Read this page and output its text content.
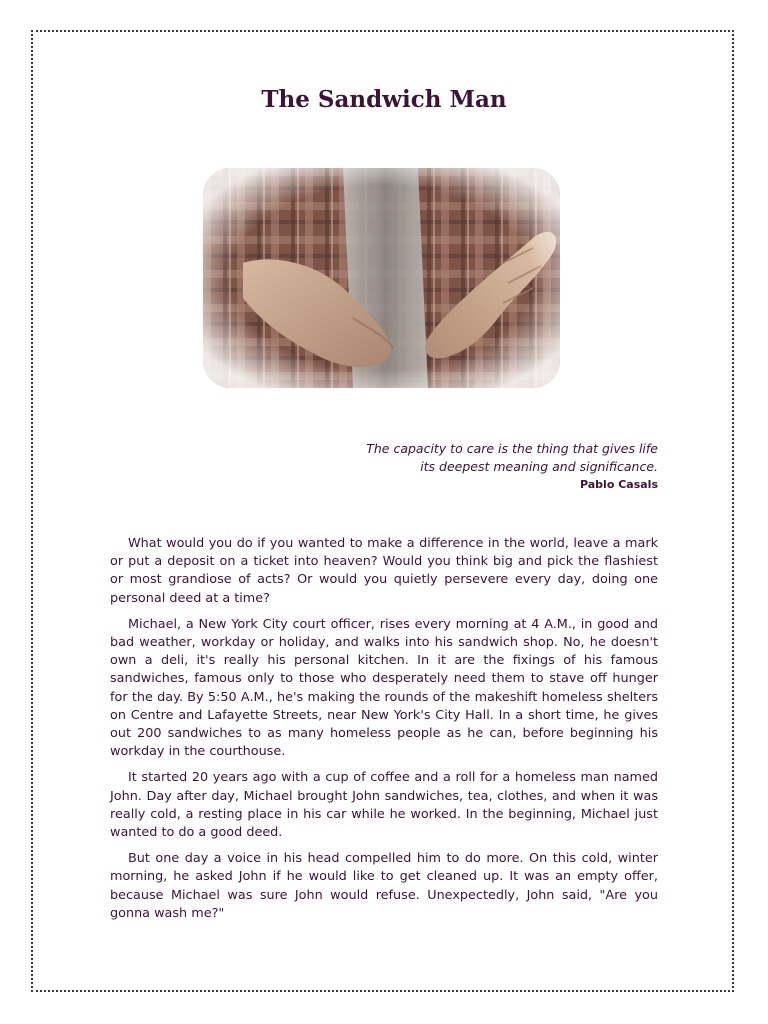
The Sandwich Man
The capacity to care is the thing that gives life
its deepest meaning and significance.
Pablo Casals

What would you do if you wanted to make a difference in the world, leave a mark or put a deposit on a ticket into heaven? Would you think big and pick the flashiest or most grandiose of acts? Or would you quietly persevere every day, doing one personal deed at a time?

Michael, a New York City court officer, rises every morning at 4 A.M., in good and bad weather, workday or holiday, and walks into his sandwich shop. No, he doesn't own a deli, it's really his personal kitchen. In it are the fixings of his famous sandwiches, famous only to those who desperately need them to stave off hunger for the day. By 5:50 A.M., he's making the rounds of the makeshift homeless shelters on Centre and Lafayette Streets, near New York's City Hall. In a short time, he gives out 200 sandwiches to as many homeless people as he can, before beginning his workday in the courthouse.

It started 20 years ago with a cup of coffee and a roll for a homeless man named John. Day after day, Michael brought John sandwiches, tea, clothes, and when it was really cold, a resting place in his car while he worked. In the beginning, Michael just wanted to do a good deed.

But one day a voice in his head compelled him to do more. On this cold, winter morning, he asked John if he would like to get cleaned up. It was an empty offer, because Michael was sure John would refuse. Unexpectedly, John said, "Are you gonna wash me?"
